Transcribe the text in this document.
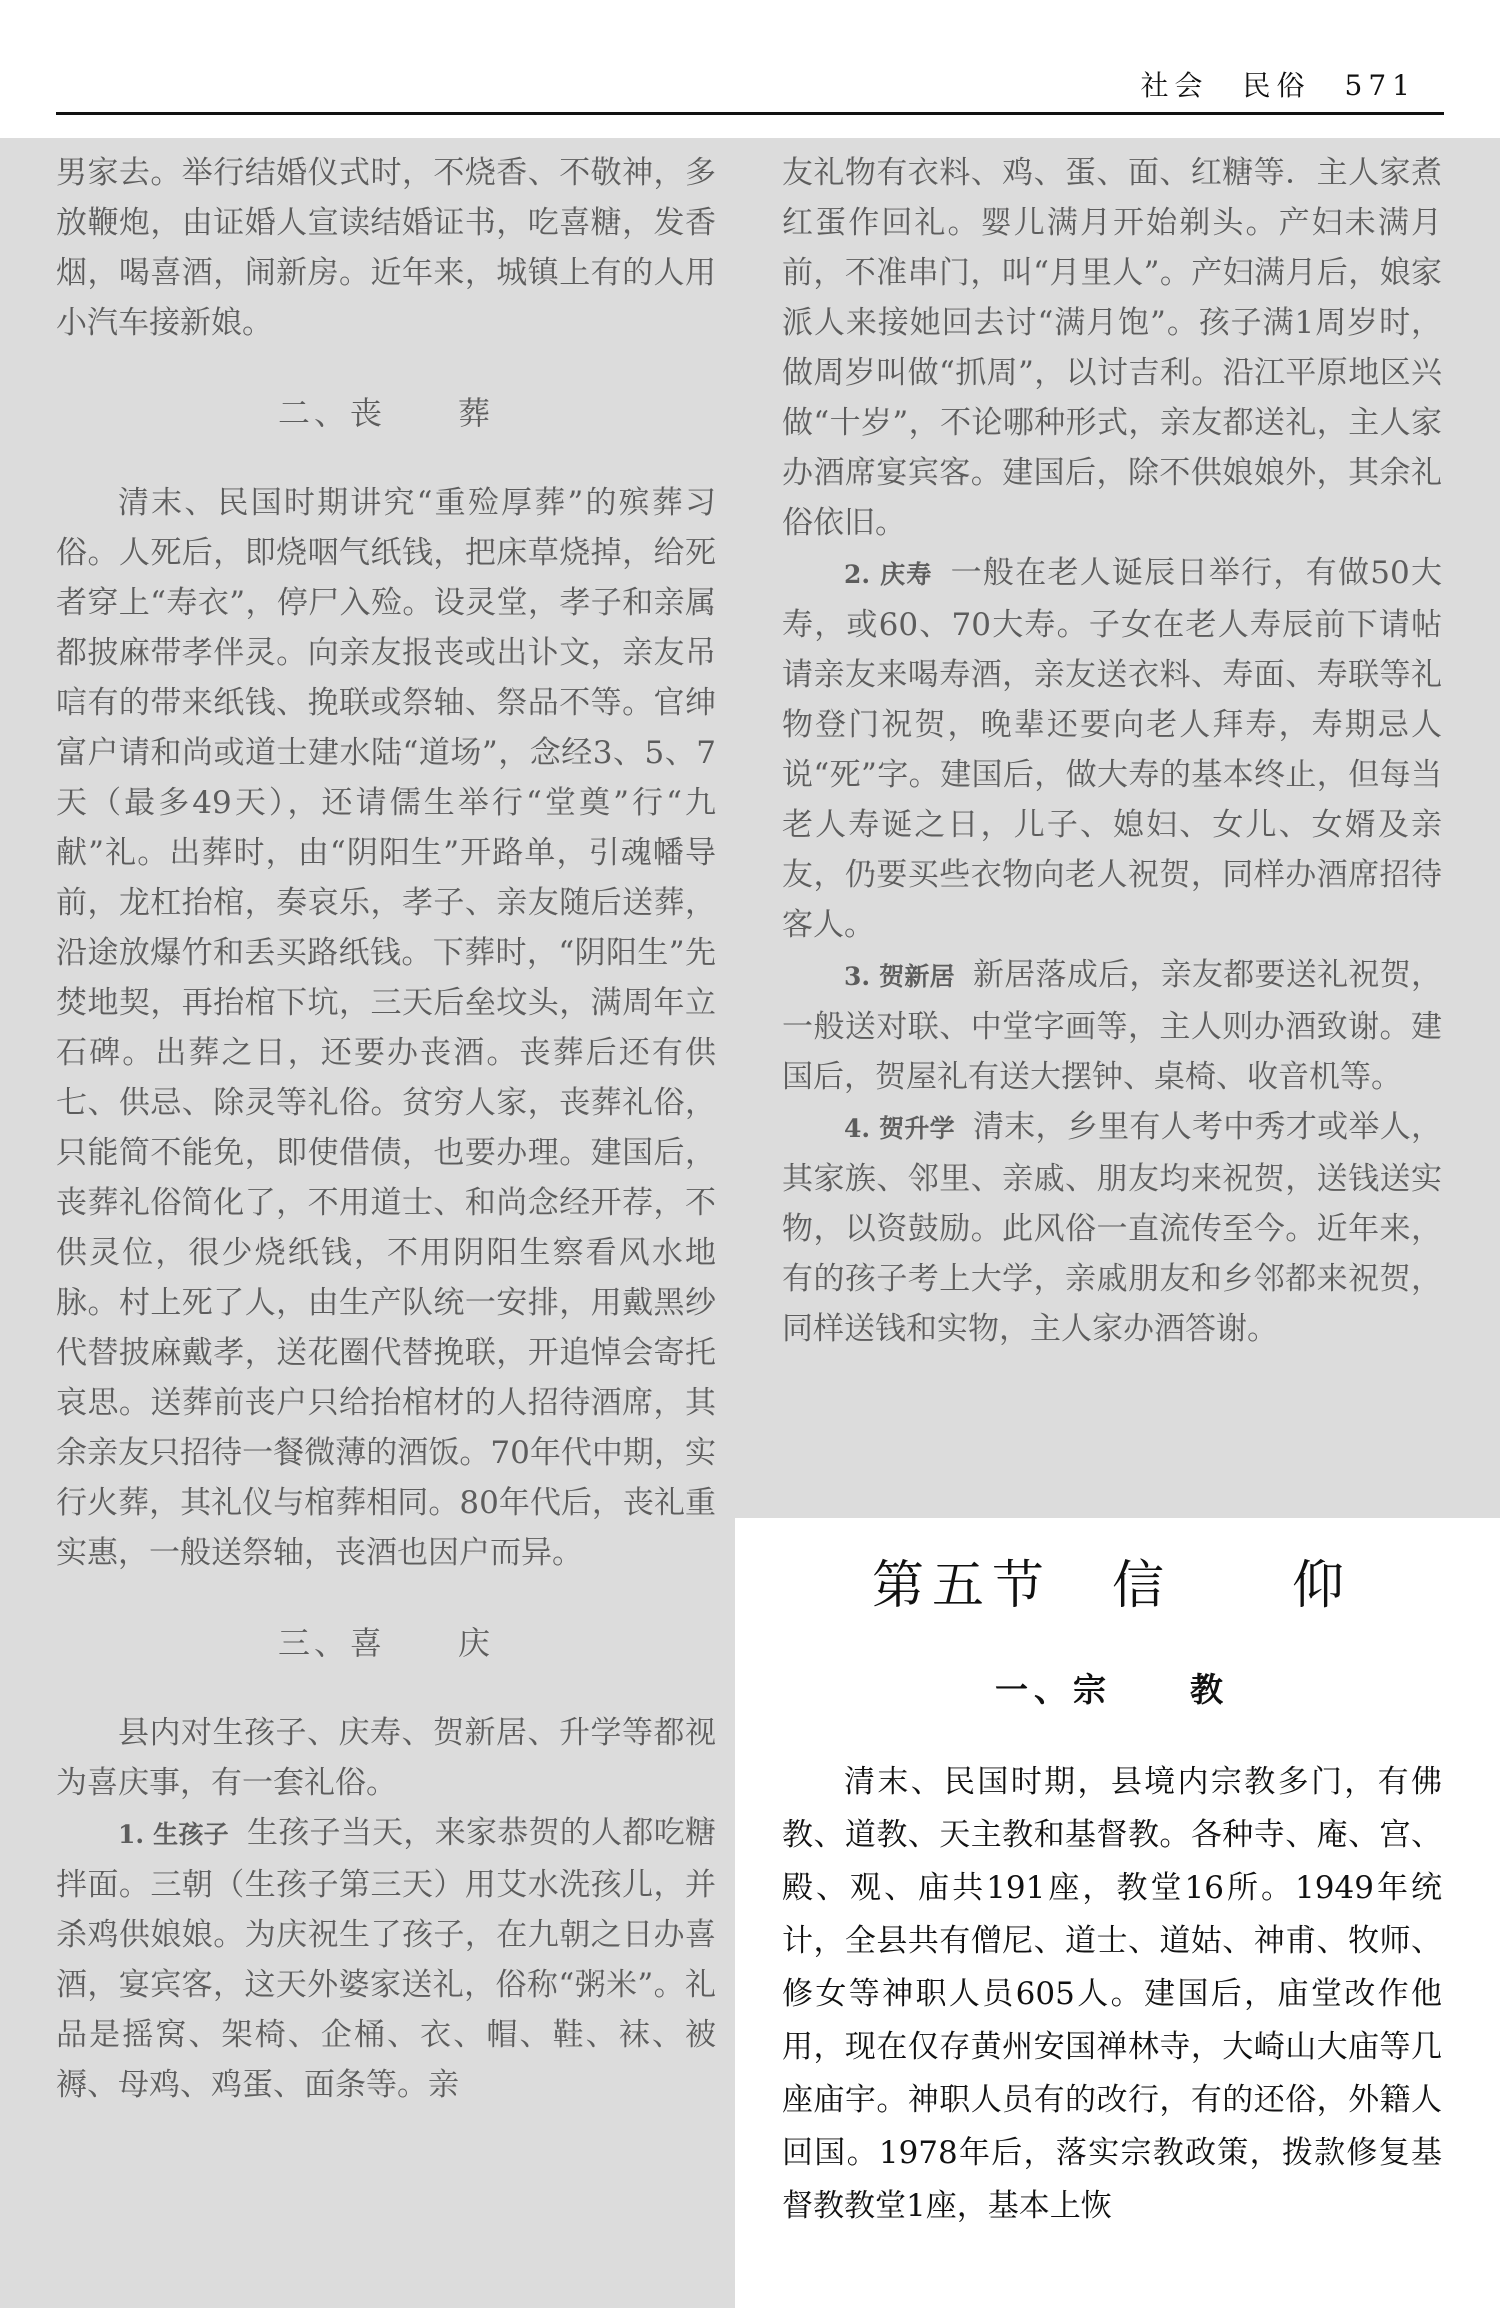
社会　民俗　571

男家去。举行结婚仪式时，不烧香、不敬神，多放鞭炮，由证婚人宣读结婚证书，吃喜糖，发香烟，喝喜酒，闹新房。近年来，城镇上有的人用小汽车接新娘。

二、丧　　葬

清末、民国时期讲究“重殓厚葬”的殡葬习俗。人死后，即烧咽气纸钱，把床草烧掉，给死者穿上“寿衣”，停尸入殓。设灵堂，孝子和亲属都披麻带孝伴灵。向亲友报丧或出讣文，亲友吊唁有的带来纸钱、挽联或祭轴、祭品不等。官绅富户请和尚或道士建水陆“道场”，念经3、5、7天（最多49天），还请儒生举行“堂奠”行“九献”礼。出葬时，由“阴阳生”开路单，引魂幡导前，龙杠抬棺，奏哀乐，孝子、亲友随后送葬，沿途放爆竹和丢买路纸钱。下葬时，“阴阳生”先焚地契，再抬棺下坑，三天后垒坟头，满周年立石碑。出葬之日，还要办丧酒。丧葬后还有供七、供忌、除灵等礼俗。贫穷人家，丧葬礼俗，只能简不能免，即使借债，也要办理。建国后，丧葬礼俗简化了，不用道士、和尚念经开荐，不供灵位，很少烧纸钱，不用阴阳生察看风水地脉。村上死了人，由生产队统一安排，用戴黑纱代替披麻戴孝，送花圈代替挽联，开追悼会寄托哀思。送葬前丧户只给抬棺材的人招待酒席，其余亲友只招待一餐微薄的酒饭。70年代中期，实行火葬，其礼仪与棺葬相同。80年代后，丧礼重实惠，一般送祭轴，丧酒也因户而异。

三、喜　　庆

县内对生孩子、庆寿、贺新居、升学等都视为喜庆事，有一套礼俗。

1. 生孩子 生孩子当天，来家恭贺的人都吃糖拌面。三朝（生孩子第三天）用艾水洗孩儿，并杀鸡供娘娘。为庆祝生了孩子，在九朝之日办喜酒，宴宾客，这天外婆家送礼，俗称“粥米”。礼品是摇窝、架椅、企桶、衣、帽、鞋、袜、被褥、母鸡、鸡蛋、面条等。亲

友礼物有衣料、鸡、蛋、面、红糖等．主人家煮红蛋作回礼。婴儿满月开始剃头。产妇未满月前，不准串门，叫“月里人”。产妇满月后，娘家派人来接她回去讨“满月饱”。孩子满1周岁时，做周岁叫做“抓周”，以讨吉利。沿江平原地区兴做“十岁”，不论哪种形式，亲友都送礼，主人家办酒席宴宾客。建国后，除不供娘娘外，其余礼俗依旧。

2. 庆寿 一般在老人诞辰日举行，有做50大寿，或60、70大寿。子女在老人寿辰前下请帖请亲友来喝寿酒，亲友送衣料、寿面、寿联等礼物登门祝贺，晚辈还要向老人拜寿，寿期忌人说“死”字。建国后，做大寿的基本终止，但每当老人寿诞之日，儿子、媳妇、女儿、女婿及亲友，仍要买些衣物向老人祝贺，同样办酒席招待客人。

3. 贺新居 新居落成后，亲友都要送礼祝贺，一般送对联、中堂字画等，主人则办酒致谢。建国后，贺屋礼有送大摆钟、桌椅、收音机等。

4. 贺升学 清末，乡里有人考中秀才或举人，其家族、邻里、亲戚、朋友均来祝贺，送钱送实物，以资鼓励。此风俗一直流传至今。近年来，有的孩子考上大学，亲戚朋友和乡邻都来祝贺，同样送钱和实物，主人家办酒答谢。

第五节　信　　仰

一、宗　　教

清末、民国时期，县境内宗教多门，有佛教、道教、天主教和基督教。各种寺、庵、宫、殿、观、庙共191座，教堂16所。1949年统计，全县共有僧尼、道士、道姑、神甫、牧师、修女等神职人员605人。建国后，庙堂改作他用，现在仅存黄州安国禅林寺，大崎山大庙等几座庙宇。神职人员有的改行，有的还俗，外籍人回国。1978年后，落实宗教政策，拨款修复基督教教堂1座，基本上恢
